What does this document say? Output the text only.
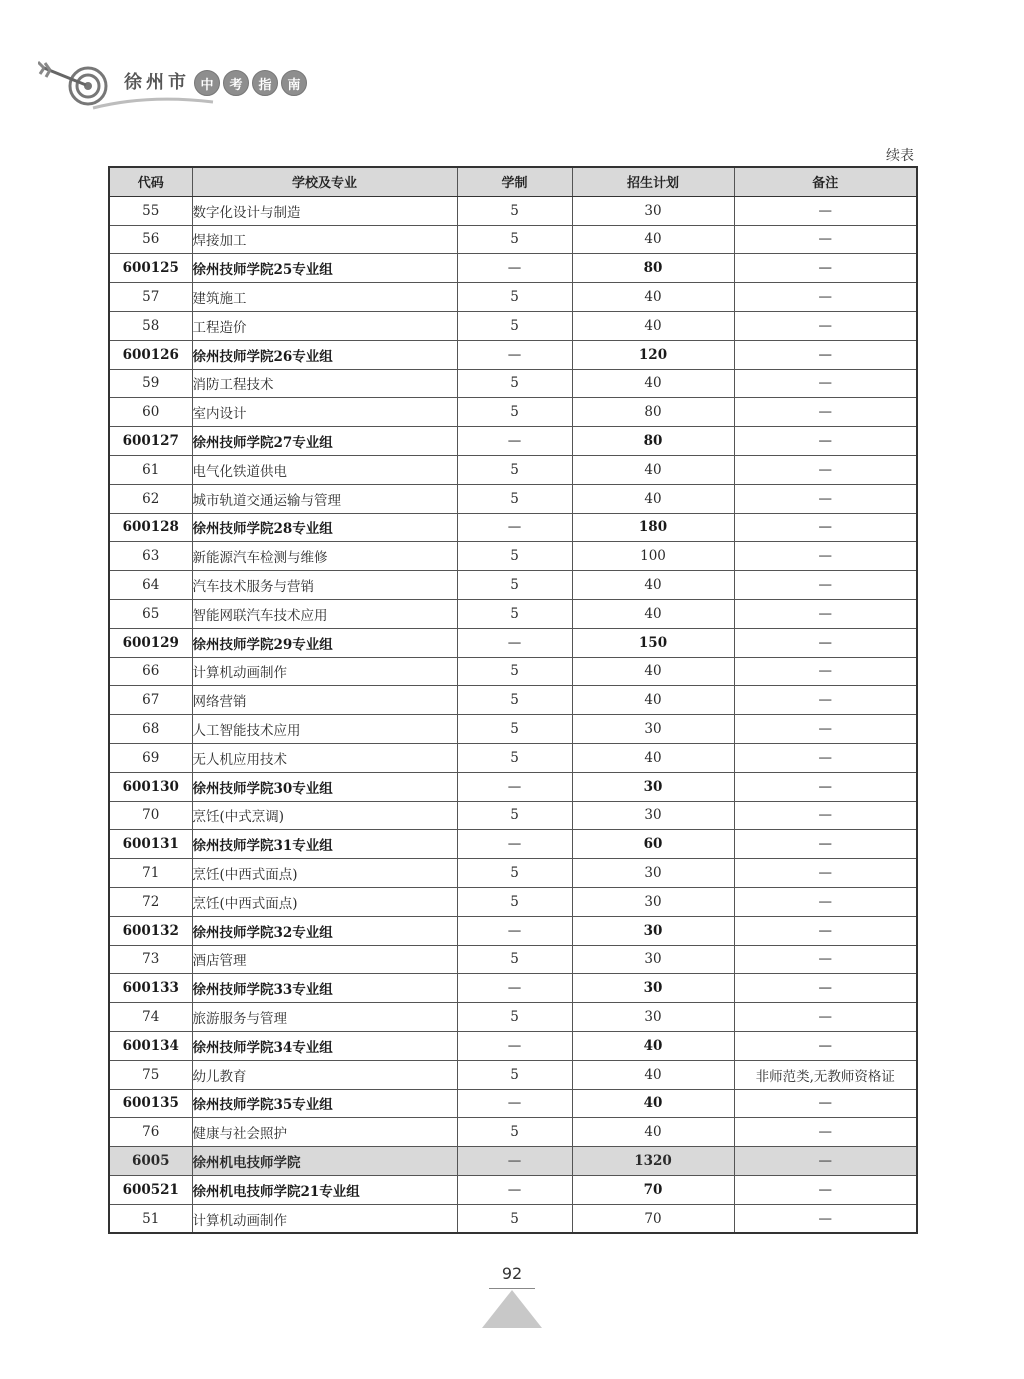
徐州市 中	考	指	南
续表
代码	学校及专业	学制	招生计划	备注
55	数字化设计与制造	5	30	—
56	焊接加工	5	40	—
600125	徐州技师学院25专业组	—	80	—
57	建筑施工	5	40	—
58	工程造价	5	40	—
600126	徐州技师学院26专业组	—	120	—
59	消防工程技术	5	40	—
60	室内设计	5	80	—
600127	徐州技师学院27专业组	—	80	—
61	电气化铁道供电	5	40	—
62	城市轨道交通运输与管理	5	40	—
600128	徐州技师学院28专业组	—	180	—
63	新能源汽车检测与维修	5	100	—
64	汽车技术服务与营销	5	40	—
65	智能网联汽车技术应用	5	40	—
600129	徐州技师学院29专业组	—	150	—
66	计算机动画制作	5	40	—
67	网络营销	5	40	—
68	人工智能技术应用	5	30	—
69	无人机应用技术	5	40	—
600130	徐州技师学院30专业组	—	30	—
70	烹饪(中式烹调)	5	30	—
600131	徐州技师学院31专业组	—	60	—
71	烹饪(中西式面点)	5	30	—
72	烹饪(中西式面点)	5	30	—
600132	徐州技师学院32专业组	—	30	—
73	酒店管理	5	30	—
600133	徐州技师学院33专业组	—	30	—
74	旅游服务与管理	5	30	—
600134	徐州技师学院34专业组	—	40	—
75	幼儿教育	5	40	非师范类,无教师资格证
600135	徐州技师学院35专业组	—	40	—
76	健康与社会照护	5	40	—
6005	徐州机电技师学院	—	1320	—
600521	徐州机电技师学院21专业组	—	70	—
51	计算机动画制作	5	70	—
92
